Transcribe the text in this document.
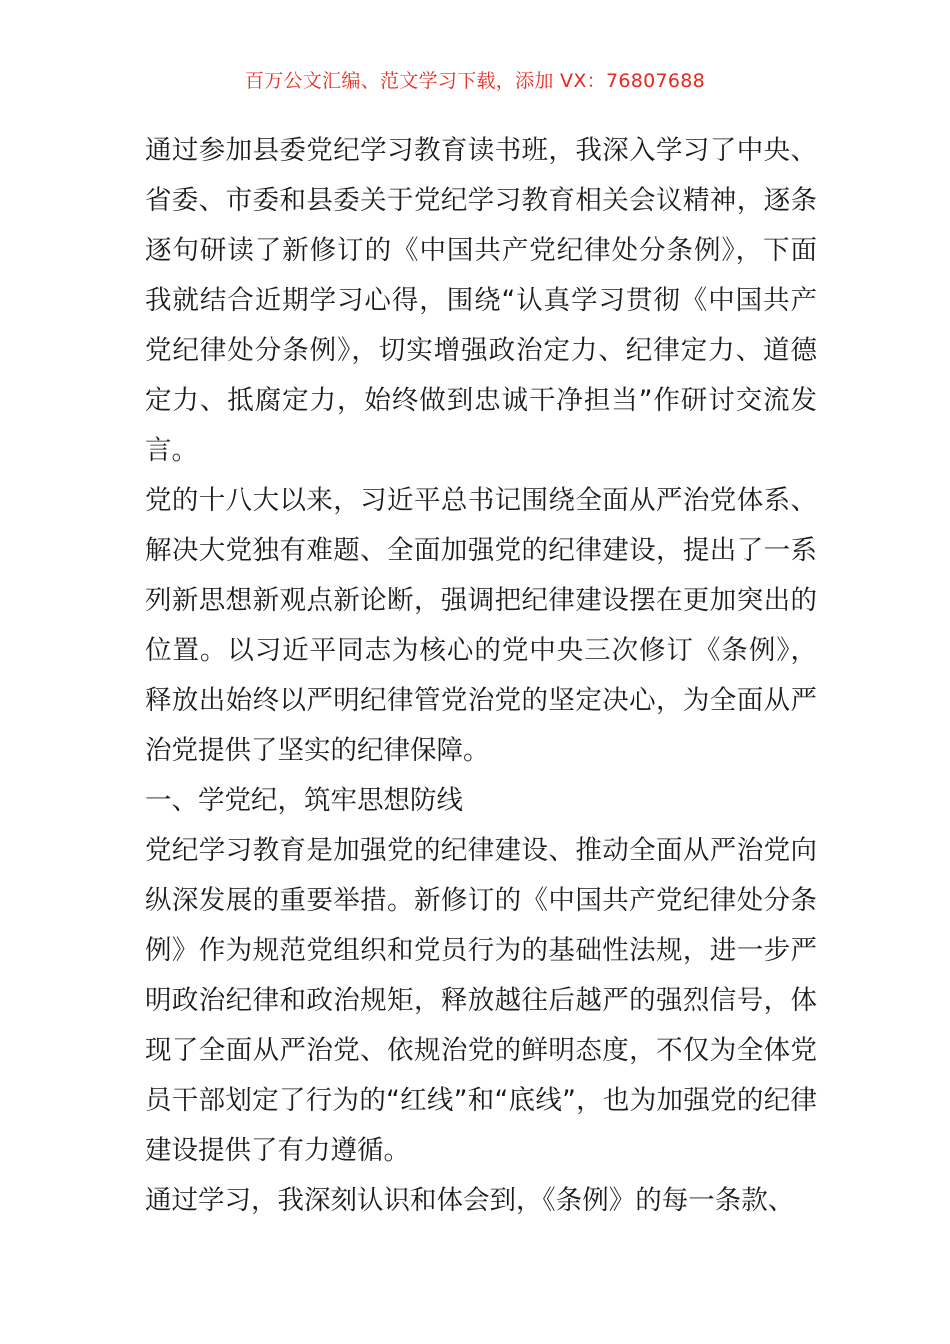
百万公文汇编、范文学习下载，添加 VX：76807688

通过参加县委党纪学习教育读书班，我深入学习了中央、省委、市委和县委关于党纪学习教育相关会议精神，逐条逐句研读了新修订的《中国共产党纪律处分条例》，下面我就结合近期学习心得，围绕“认真学习贯彻《中国共产党纪律处分条例》，切实增强政治定力、纪律定力、道德定力、抵腐定力，始终做到忠诚干净担当”作研讨交流发言。

党的十八大以来，习近平总书记围绕全面从严治党体系、解决大党独有难题、全面加强党的纪律建设，提出了一系列新思想新观点新论断，强调把纪律建设摆在更加突出的位置。以习近平同志为核心的党中央三次修订《条例》，释放出始终以严明纪律管党治党的坚定决心，为全面从严治党提供了坚实的纪律保障。

一、学党纪，筑牢思想防线

党纪学习教育是加强党的纪律建设、推动全面从严治党向纵深发展的重要举措。新修订的《中国共产党纪律处分条例》作为规范党组织和党员行为的基础性法规，进一步严明政治纪律和政治规矩，释放越往后越严的强烈信号，体现了全面从严治党、依规治党的鲜明态度，不仅为全体党员干部划定了行为的“红线”和“底线”，也为加强党的纪律建设提供了有力遵循。

通过学习，我深刻认识和体会到，《条例》的每一条款、
